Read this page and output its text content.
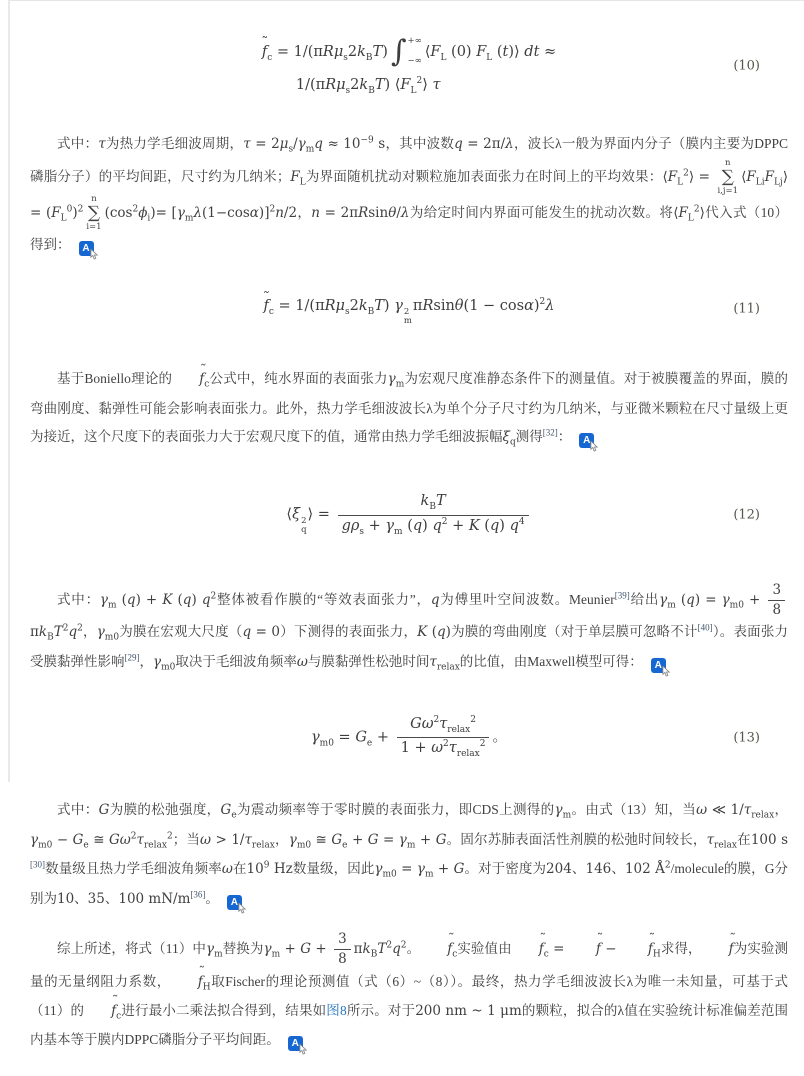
f $˜_c = 1/(\pi R\mu_s2k_BT)$ ∫ +∞
−∞
$⟨F_L$ (0) $F_L$ (t)⟩ dt ≈
$1/(\pi R\mu_s2k_BT)$ $⟨F_L^2⟩$ τ
(10)

式中：τ为热力学毛细波周期，$\tau = 2\mu_s/\gamma_mq \approx 10^{-9}$ s，其中波数q = 2π/λ，波长λ一般为界面内分子（膜内主要为DPPC磷脂分子）的平均间距，尺寸约为几纳米；$F_L$为界面随机扰动对颗粒施加表面张力在时间上的平均效果：$⟨F_L^2⟩$ =
n
∑
i,j=1
$⟨F_{Li}F_{Lj}⟩ = (F_L^0)^2$
n
∑
i=1
$(\cos^2\phi_i)= [\gamma_m\lambda(1-\cos\alpha)]^2n/2$，n = 2πRsinθ/λ为给定时间内界面可能发生的扰动次数。将$⟨F_L^2⟩$代入式（10）得到：	A

f $˜_c = 1/(\pi R\mu_s2k_BT)$ γ 2
m
$\pi Rsin\theta(1 - \cos\alpha)^2\lambda$	(11)

基于Boniello理论的 f $˜_c$公式中，纯水界面的表面张力$\gamma_m$为宏观尺度准静态条件下的测量值。对于被膜覆盖的界面，膜的弯曲刚度、黏弹性可能会影响表面张力。此外，热力学毛细波波长λ为单个分子尺寸约为几纳米，与亚微米颗粒在尺寸量级上更为接近，这个尺度下的表面张力大于宏观尺度下的值，通常由热力学毛细波振幅$\xi_q$测得[32]：	A

⟨ξ 2
q
⟩ = $\frac{k_BT}{g\rho_s + \gamma_m (q) q^2 + K (q) q^4}$	(12)

式中：$\gamma_m$ (q) + K (q) $q^2$整体被看作膜的“等效表面张力”，q为傅里叶空间波数。Meunier[39]给出$\gamma_m$ $(q) = \gamma_{m0} + \frac{3}{8}$
$\pi k_BT^2q^2$，$\gamma_{m0}$为膜在宏观大尺度（q = 0）下测得的表面张力，K (q)为膜的弯曲刚度（对于单层膜可忽略不计[40]）。表面张力受膜黏弹性影响[29]，$\gamma_{m0}$取决于毛细波角频率ω与膜黏弹性松弛时间$\tau_{relax}$的比值，由Maxwell模型可得：	A

$\gamma_{m0} = G_e + \frac{G\omega^2\tau_{relax}^2}{1 + \omega^2\tau_{relax}^2}$ 。	(13)

式中：G为膜的松弛强度，$G_e$为震动频率等于零时膜的表面张力，即CDS上测得的$\gamma_m$。由式（13）知，当ω ≪ $1/\tau_{relax}$，$\gamma_{m0} - G_e$ ≅ $G\omega^2\tau_{relax}^2$；当$\omega > 1/\tau_{relax}$，$\gamma_{m0}$ ≅ $G_e + G = \gamma_m + G$。固尔苏肺表面活性剂膜的松弛时间较长，$\tau_{relax}$在100 s [30]数量级且热力学毛细波角频率ω在$10^9$ Hz数量级，因此$\gamma_{m0} = \gamma_m + G$。对于密度为204、146、102 $Å^2$/molecule的膜，G分别为10、35、100 mN/m[36]。	A

综上所述，将式（11）中$\gamma_m$替换为$\gamma_m + G + \frac{3}{8} \pi k_BT^2q^2$。 f $˜_c$实验值由 f $˜_c = f$ ˜ − f $˜_H$求得， f ˜为实验测量的无量纲阻力系数， f $˜_H$取Fischer的理论预测值（式（6）~（8））。最终，热力学毛细波波长λ为唯一未知量，可基于式（11）的 f $˜_c$进行最小二乘法拟合得到，结果如图8所示。对于200 nm ~ 1 μm的颗粒，拟合的λ值在实验统计标准偏差范围内基本等于膜内DPPC磷脂分子平均间距。	A
